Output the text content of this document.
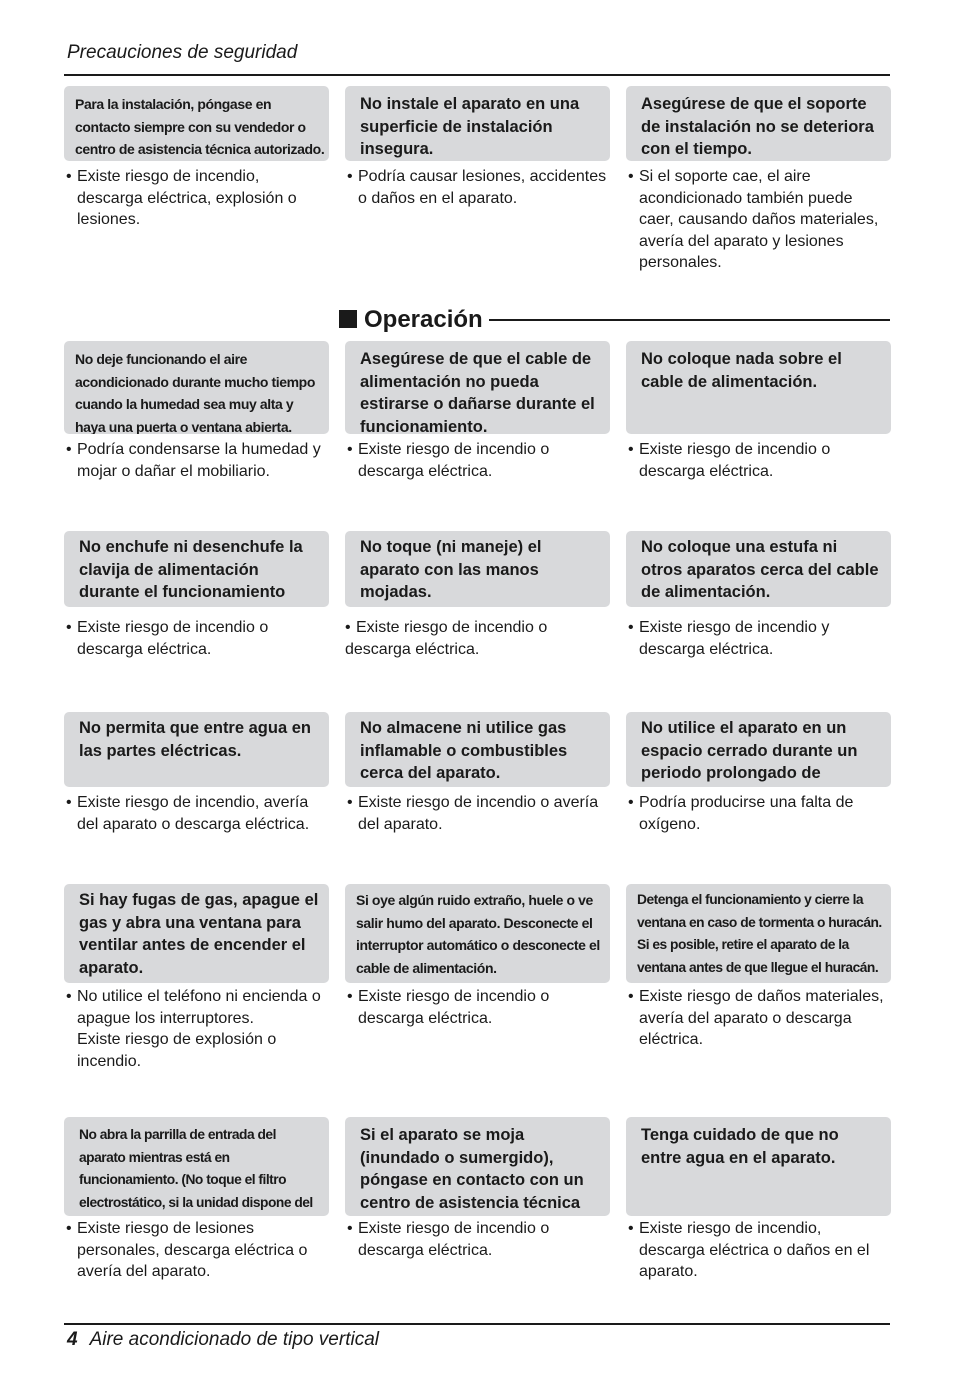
Precauciones de seguridad
Para la instalación, póngase en contacto siempre con su vendedor o centro de asistencia técnica autorizado.
• Existe riesgo de incendio, descarga eléctrica, explosión o lesiones.
No instale el aparato en una superficie de instalación insegura.
• Podría causar lesiones, accidentes o daños en el aparato.
Asegúrese de que el soporte de instalación no se deteriora con el tiempo.
• Si el soporte cae, el aire acondicionado también puede caer, causando daños materiales, avería del aparato y lesiones personales.
Operación
No deje funcionando el aire acondicionado durante mucho tiempo cuando la humedad sea muy alta y haya una puerta o ventana abierta.
• Podría condensarse la humedad y mojar o dañar el mobiliario.
Asegúrese de que el cable de alimentación no pueda estirarse o dañarse durante el funcionamiento.
• Existe riesgo de incendio o descarga eléctrica.
No coloque nada sobre el cable de alimentación.
• Existe riesgo de incendio o descarga eléctrica.
No enchufe ni desenchufe la clavija de alimentación durante el funcionamiento
• Existe riesgo de incendio o descarga eléctrica.
No toque (ni maneje) el aparato con las manos mojadas.
• Existe riesgo de incendio o descarga eléctrica.
No coloque una estufa ni otros aparatos cerca del cable de alimentación.
• Existe riesgo de incendio y descarga eléctrica.
No permita que entre agua en las partes eléctricas.
• Existe riesgo de incendio, avería del aparato o descarga eléctrica.
No almacene ni utilice gas inflamable o combustibles cerca del aparato.
• Existe riesgo de incendio o avería del aparato.
No utilice el aparato en un espacio cerrado durante un periodo prolongado de
• Podría producirse una falta de oxígeno.
Si hay fugas de gas, apague el gas y abra una ventana para ventilar antes de encender el aparato.
• No utilice el teléfono ni encienda o apague los interruptores.
Existe riesgo de explosión o incendio.
Si oye algún ruido extraño, huele o ve salir humo del aparato. Desconecte el interruptor automático o desconecte el cable de alimentación.
• Existe riesgo de incendio o descarga eléctrica.
Detenga el funcionamiento y cierre la ventana en caso de tormenta o huracán. Si es posible, retire el aparato de la ventana antes de que llegue el huracán.
• Existe riesgo de daños materiales, avería del aparato o descarga eléctrica.
No abra la parrilla de entrada del aparato mientras está en funcionamiento. (No toque el filtro electrostático, si la unidad dispone del
• Existe riesgo de lesiones personales, descarga eléctrica o avería del aparato.
Si el aparato se moja (inundado o sumergido), póngase en contacto con un centro de asistencia técnica
• Existe riesgo de incendio o descarga eléctrica.
Tenga cuidado de que no entre agua en el aparato.
• Existe riesgo de incendio, descarga eléctrica o daños en el aparato.
4 Aire acondicionado de tipo vertical
